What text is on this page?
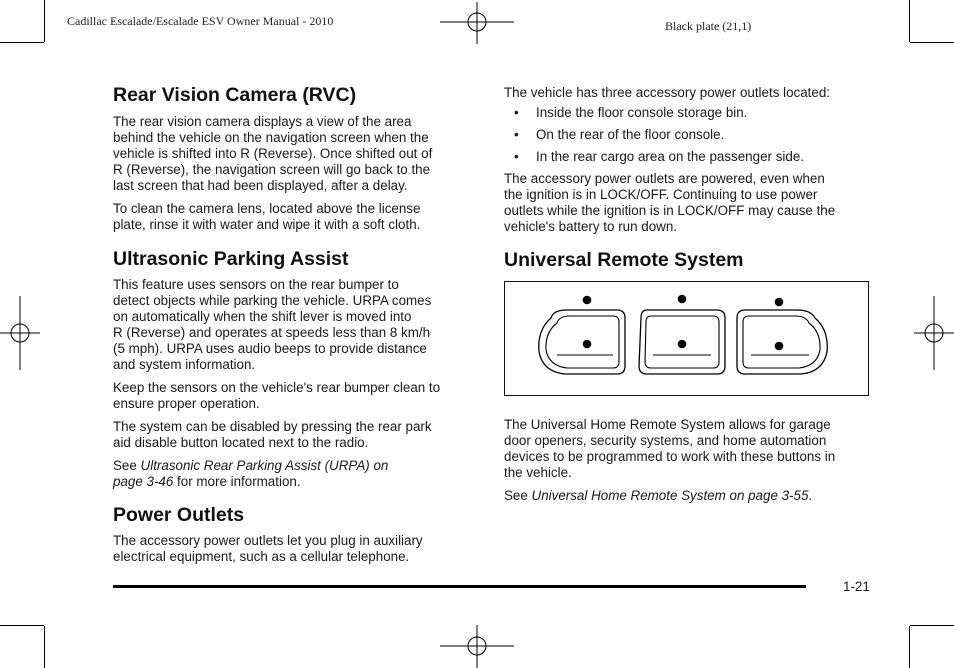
Cadillac Escalade/Escalade ESV Owner Manual - 2010	Black plate (21,1)
Rear Vision Camera (RVC)

The rear vision camera displays a view of the area
behind the vehicle on the navigation screen when the
vehicle is shifted into R (Reverse). Once shifted out of
R (Reverse), the navigation screen will go back to the
last screen that had been displayed, after a delay.

To clean the camera lens, located above the license
plate, rinse it with water and wipe it with a soft cloth.

Ultrasonic Parking Assist

This feature uses sensors on the rear bumper to
detect objects while parking the vehicle. URPA comes
on automatically when the shift lever is moved into
R (Reverse) and operates at speeds less than 8 km/h
(5 mph). URPA uses audio beeps to provide distance
and system information.

Keep the sensors on the vehicle's rear bumper clean to
ensure proper operation.

The system can be disabled by pressing the rear park
aid disable button located next to the radio.

See Ultrasonic Rear Parking Assist (URPA) on
page 3-46 for more information.

Power Outlets

The accessory power outlets let you plug in auxiliary
electrical equipment, such as a cellular telephone.

The vehicle has three accessory power outlets located:

• Inside the floor console storage bin.
• On the rear of the floor console.
• In the rear cargo area on the passenger side.

The accessory power outlets are powered, even when
the ignition is in LOCK/OFF. Continuing to use power
outlets while the ignition is in LOCK/OFF may cause the
vehicle's battery to run down.

Universal Remote System

The Universal Home Remote System allows for garage
door openers, security systems, and home automation
devices to be programmed to work with these buttons in
the vehicle.

See Universal Home Remote System on page 3-55.

1-21
